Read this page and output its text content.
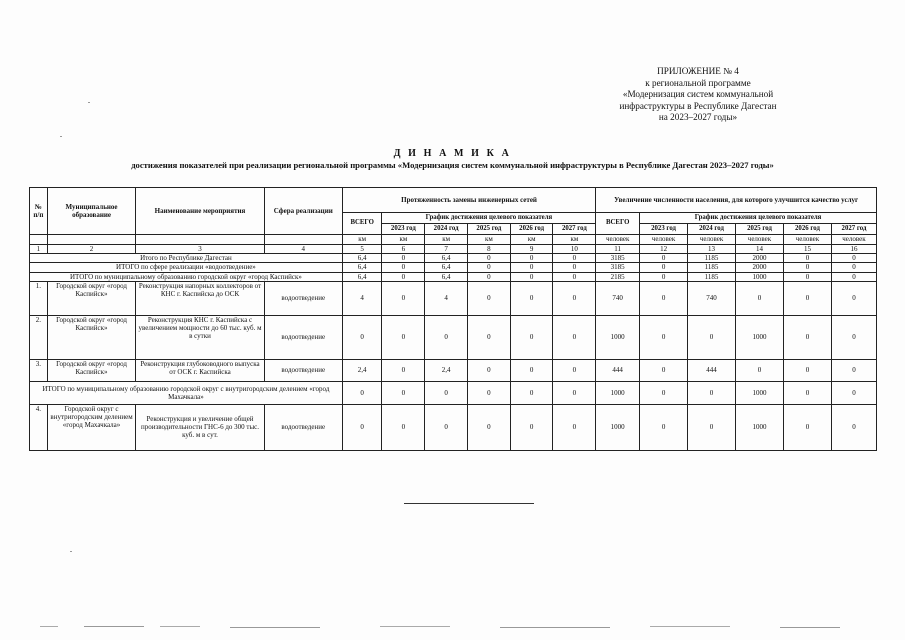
ПРИЛОЖЕНИЕ № 4
к региональной программе
«Модернизация систем коммунальной
инфраструктуры в Республике Дагестан
на 2023–2027 годы»
Д И Н А М И К А
достижения показателей при реализации региональной программы «Модернизация систем коммунальной инфраструктуры в Республике Дагестан 2023–2027 годы»
№ п/п	Муниципальное образование	Наименование мероприятия	Сфера реализации	Протяженность замены инженерных сетей						Увеличение численности населения, для которого улучшится качество услуг					
				ВСЕГО	График достижения целевого показателя					ВСЕГО	График достижения целевого показателя				
					2023 год	2024 год	2025 год	2026 год	2027 год		2023 год	2024 год	2025 год	2026 год	2027 год
				км	км	км	км	км	км	человек	человек	человек	человек	человек	человек
1	2	3	4	5	6	7	8	9	10	11	12	13	14	15	16
Итого по Республике Дагестан				6,4	0	6,4	0	0	0	3185	0	1185	2000	0	0
ИТОГО по сфере реализации «водоотведение»				6,4	0	6,4	0	0	0	3185	0	1185	2000	0	0
ИТОГО по муниципальному образованию городской округ «город Каспийск»				6,4	0	6,4	0	0	0	2185	0	1185	1000	0	0
1.	Городской округ «город Каспийск»	Реконструкция напорных коллекторов от КНС г. Каспийска до ОСК	водоотведение	4	0	4	0	0	0	740	0	740	0	0	0
2.	Городской округ «город Каспийск»	Реконструкция КНС г. Каспийска с увеличением мощности до 60 тыс. куб. м в сутки	водоотведение	0	0	0	0	0	0	1000	0	0	1000	0	0
3.	Городской округ «город Каспийск»	Реконструкция глубоководного выпуска от ОСК г. Каспийска	водоотведение	2,4	0	2,4	0	0	0	444	0	444	0	0	0
ИТОГО по муниципальному образованию городской округ с внутригородским делением «город Махачкала»				0	0	0	0	0	0	1000	0	0	1000	0	0
4.	Городской округ с внутригородским делением «город Махачкала»	Реконструкция и увеличение общей производительности ГНС-6 до 300 тыс. куб. м в сут.	водоотведение	0	0	0	0	0	0	1000	0	0	1000	0	0
